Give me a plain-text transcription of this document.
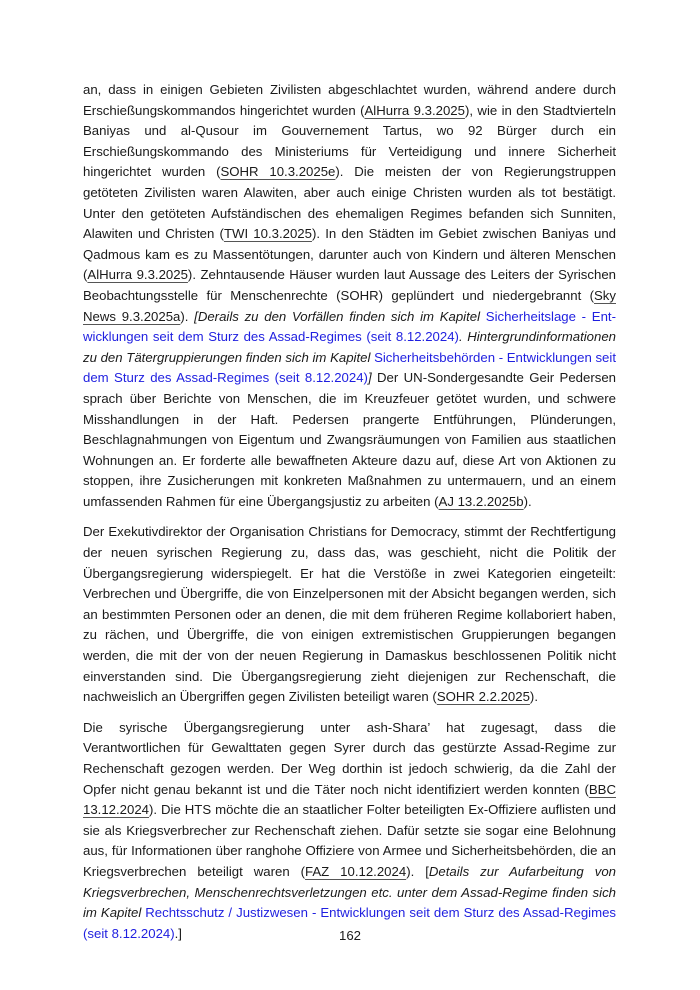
an, dass in einigen Gebieten Zivilisten abgeschlachtet wurden, während andere durch Erschießungskommandos hingerichtet wurden (AlHurra 9.3.2025), wie in den Stadtvierteln Baniyas und al-Qusour im Gouvernement Tartus, wo 92 Bürger durch ein Erschießungskommando des Ministeriums für Verteidigung und innere Sicherheit hingerichtet wurden (SOHR 10.3.2025e). Die meisten der von Regierungstruppen getöteten Zivilisten waren Alawiten, aber auch einige Christen wurden als tot bestätigt. Unter den getöteten Aufständischen des ehemaligen Regimes befanden sich Sunniten, Alawiten und Christen (TWI 10.3.2025). In den Städten im Gebiet zwischen Baniyas und Qadmous kam es zu Massentötungen, darunter auch von Kindern und älteren Menschen (AlHurra 9.3.2025). Zehntausende Häuser wurden laut Aussage des Leiters der Syrischen Beobachtungsstelle für Menschenrechte (SOHR) geplündert und niedergebrannt (Sky News 9.3.2025a). [Derails zu den Vorfällen finden sich im Kapitel Sicherheitslage - Entwicklungen seit dem Sturz des Assad-Regimes (seit 8.12.2024). Hintergrundinformationen zu den Tätergruppierungen finden sich im Kapitel Sicherheitsbehörden - Entwicklungen seit dem Sturz des Assad-Regimes (seit 8.12.2024)] Der UN-Sondergesandte Geir Pedersen sprach über Berichte von Menschen, die im Kreuzfeuer getötet wurden, und schwere Misshandlungen in der Haft. Pedersen prangerte Entführungen, Plünderungen, Beschlagnahmungen von Eigentum und Zwangsräumungen von Familien aus staatlichen Wohnungen an. Er forderte alle bewaffneten Akteure dazu auf, diese Art von Aktionen zu stoppen, ihre Zusicherungen mit konkreten Maßnahmen zu untermauern, und an einem umfassenden Rahmen für eine Übergangsjustiz zu arbeiten (AJ 13.2.2025b).

Der Exekutivdirektor der Organisation Christians for Democracy, stimmt der Rechtfertigung der neuen syrischen Regierung zu, dass das, was geschieht, nicht die Politik der Übergangsregierung widerspiegelt. Er hat die Verstöße in zwei Kategorien eingeteilt: Verbrechen und Übergriffe, die von Einzelpersonen mit der Absicht begangen werden, sich an bestimmten Personen oder an denen, die mit dem früheren Regime kollaboriert haben, zu rächen, und Übergriffe, die von einigen extremistischen Gruppierungen begangen werden, die mit der von der neuen Regierung in Damaskus beschlossenen Politik nicht einverstanden sind. Die Übergangsregierung zieht diejenigen zur Rechenschaft, die nachweislich an Übergriffen gegen Zivilisten beteiligt waren (SOHR 2.2.2025).

Die syrische Übergangsregierung unter ash-Shara’ hat zugesagt, dass die Verantwortlichen für Gewalttaten gegen Syrer durch das gestürzte Assad-Regime zur Rechenschaft gezogen werden. Der Weg dorthin ist jedoch schwierig, da die Zahl der Opfer nicht genau bekannt ist und die Täter noch nicht identifiziert werden konnten (BBC 13.12.2024). Die HTS möchte die an staatlicher Folter beteiligten Ex-Offiziere auflisten und sie als Kriegsverbrecher zur Rechenschaft ziehen. Dafür setzte sie sogar eine Belohnung aus, für Informationen über ranghohe Offiziere von Armee und Sicherheitsbehörden, die an Kriegsverbrechen beteiligt waren (FAZ 10.12.2024). [Details zur Aufarbeitung von Kriegsverbrechen, Menschenrechtsverletzungen etc. unter dem Assad-Regime finden sich im Kapitel Rechtsschutz / Justizwesen - Entwicklungen seit dem Sturz des Assad-Regimes (seit 8.12.2024).]	162
